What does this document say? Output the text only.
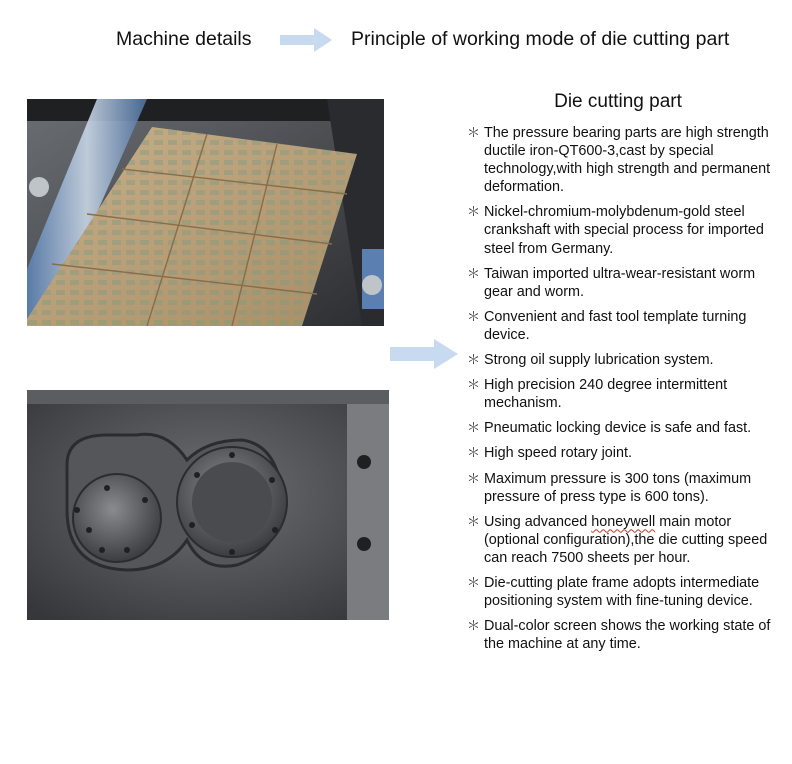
Machine details	Principle of working mode of die cutting part
Die cutting part
＊ The pressure bearing parts are high strength ductile iron-QT600-3,cast by special technology,with high strength and permanent deformation.
＊ Nickel-chromium-molybdenum-gold steel crankshaft with special process for imported steel from Germany.
＊ Taiwan imported ultra-wear-resistant worm gear and worm.
＊ Convenient and fast tool template turning device.
＊ Strong oil supply lubrication system.
＊ High precision 240 degree intermittent mechanism.
＊ Pneumatic locking device is safe and fast.
＊ High speed rotary joint.
＊ Maximum pressure is 300 tons (maximum pressure of press type is 600 tons).
＊ Using advanced honeywell main motor (optional configuration),the die cutting speed can reach 7500 sheets per hour.
＊ Die-cutting plate frame adopts intermediate positioning system with fine-tuning device.
＊ Dual-color screen shows the working state of the machine at any time.
